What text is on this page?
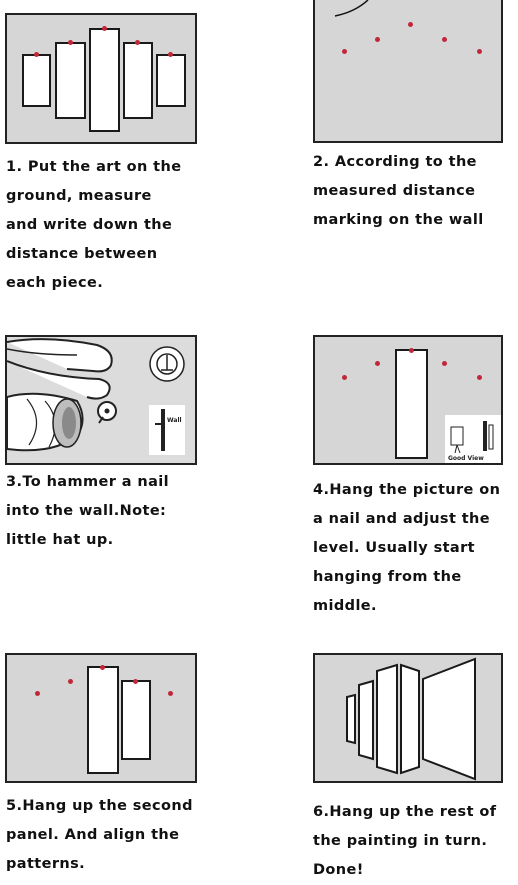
1. Put the art on the
ground, measure
and write down the
distance between
each piece.
2. According to the
measured distance
marking on the wall
Wall
3.To hammer a nail
into the wall.Note:
little hat up.
Good View
4.Hang the picture on
a nail and adjust the
level. Usually start
hanging from the
middle.
5.Hang up the second
panel. And align the
patterns.
6.Hang up the rest of
the painting in turn.
Done!
